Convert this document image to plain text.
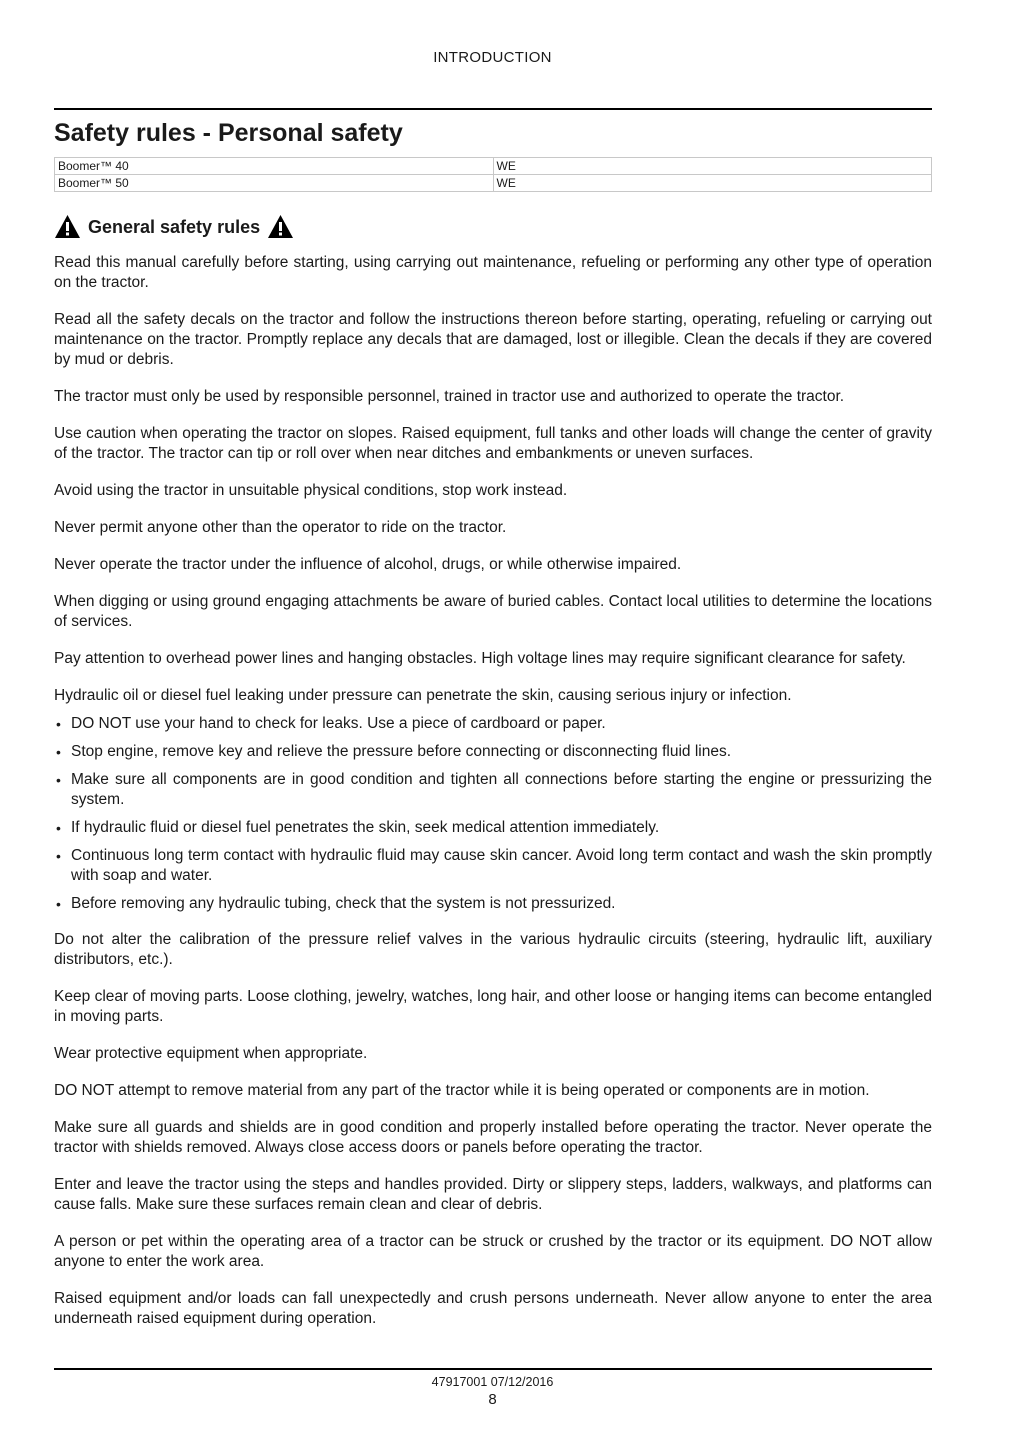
INTRODUCTION
Safety rules - Personal safety
Boomer™ 40	WE
Boomer™ 50	WE
General safety rules

Read this manual carefully before starting, using carrying out maintenance, refueling or performing any other type of operation on the tractor.

Read all the safety decals on the tractor and follow the instructions thereon before starting, operating, refueling or carrying out maintenance on the tractor. Promptly replace any decals that are damaged, lost or illegible. Clean the decals if they are covered by mud or debris.

The tractor must only be used by responsible personnel, trained in tractor use and authorized to operate the tractor.

Use caution when operating the tractor on slopes. Raised equipment, full tanks and other loads will change the center of gravity of the tractor. The tractor can tip or roll over when near ditches and embankments or uneven surfaces.

Avoid using the tractor in unsuitable physical conditions, stop work instead.

Never permit anyone other than the operator to ride on the tractor.

Never operate the tractor under the influence of alcohol, drugs, or while otherwise impaired.

When digging or using ground engaging attachments be aware of buried cables. Contact local utilities to determine the locations of services.

Pay attention to overhead power lines and hanging obstacles. High voltage lines may require significant clearance for safety.

Hydraulic oil or diesel fuel leaking under pressure can penetrate the skin, causing serious injury or infection.

• DO NOT use your hand to check for leaks. Use a piece of cardboard or paper.
• Stop engine, remove key and relieve the pressure before connecting or disconnecting fluid lines.
• Make sure all components are in good condition and tighten all connections before starting the engine or pressurizing the system.
• If hydraulic fluid or diesel fuel penetrates the skin, seek medical attention immediately.
• Continuous long term contact with hydraulic fluid may cause skin cancer. Avoid long term contact and wash the skin promptly with soap and water.
• Before removing any hydraulic tubing, check that the system is not pressurized.

Do not alter the calibration of the pressure relief valves in the various hydraulic circuits (steering, hydraulic lift, auxiliary distributors, etc.).

Keep clear of moving parts. Loose clothing, jewelry, watches, long hair, and other loose or hanging items can become entangled in moving parts.

Wear protective equipment when appropriate.

DO NOT attempt to remove material from any part of the tractor while it is being operated or components are in motion.

Make sure all guards and shields are in good condition and properly installed before operating the tractor. Never operate the tractor with shields removed. Always close access doors or panels before operating the tractor.

Enter and leave the tractor using the steps and handles provided. Dirty or slippery steps, ladders, walkways, and platforms can cause falls. Make sure these surfaces remain clean and clear of debris.

A person or pet within the operating area of a tractor can be struck or crushed by the tractor or its equipment. DO NOT allow anyone to enter the work area.

Raised equipment and/or loads can fall unexpectedly and crush persons underneath. Never allow anyone to enter the area underneath raised equipment during operation.

47917001 07/12/2016
8
